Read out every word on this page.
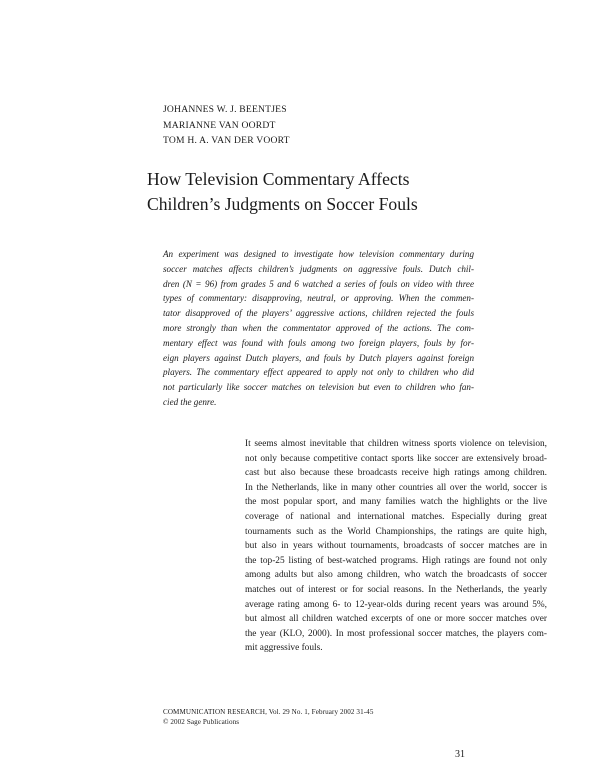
JOHANNES W. J. BEENTJES
MARIANNE VAN OORDT
TOM H. A. VAN DER VOORT
How Television Commentary Affects
Children’s Judgments on Soccer Fouls
An experiment was designed to investigate how television commentary during
soccer matches affects children’s judgments on aggressive fouls. Dutch chil-
dren (N = 96) from grades 5 and 6 watched a series of fouls on video with three
types of commentary: disapproving, neutral, or approving. When the commen-
tator disapproved of the players’ aggressive actions, children rejected the fouls
more strongly than when the commentator approved of the actions. The com-
mentary effect was found with fouls among two foreign players, fouls by for-
eign players against Dutch players, and fouls by Dutch players against foreign
players. The commentary effect appeared to apply not only to children who did
not particularly like soccer matches on television but even to children who fan-
cied the genre.
It seems almost inevitable that children witness sports violence on television,
not only because competitive contact sports like soccer are extensively broad-
cast but also because these broadcasts receive high ratings among children.
In the Netherlands, like in many other countries all over the world, soccer is
the most popular sport, and many families watch the highlights or the live
coverage of national and international matches. Especially during great
tournaments such as the World Championships, the ratings are quite high,
but also in years without tournaments, broadcasts of soccer matches are in
the top-25 listing of best-watched programs. High ratings are found not only
among adults but also among children, who watch the broadcasts of soccer
matches out of interest or for social reasons. In the Netherlands, the yearly
average rating among 6- to 12-year-olds during recent years was around 5%,
but almost all children watched excerpts of one or more soccer matches over
the year (KLO, 2000). In most professional soccer matches, the players com-
mit aggressive fouls.
COMMUNICATION RESEARCH, Vol. 29 No. 1, February 2002 31-45
© 2002 Sage Publications
31
